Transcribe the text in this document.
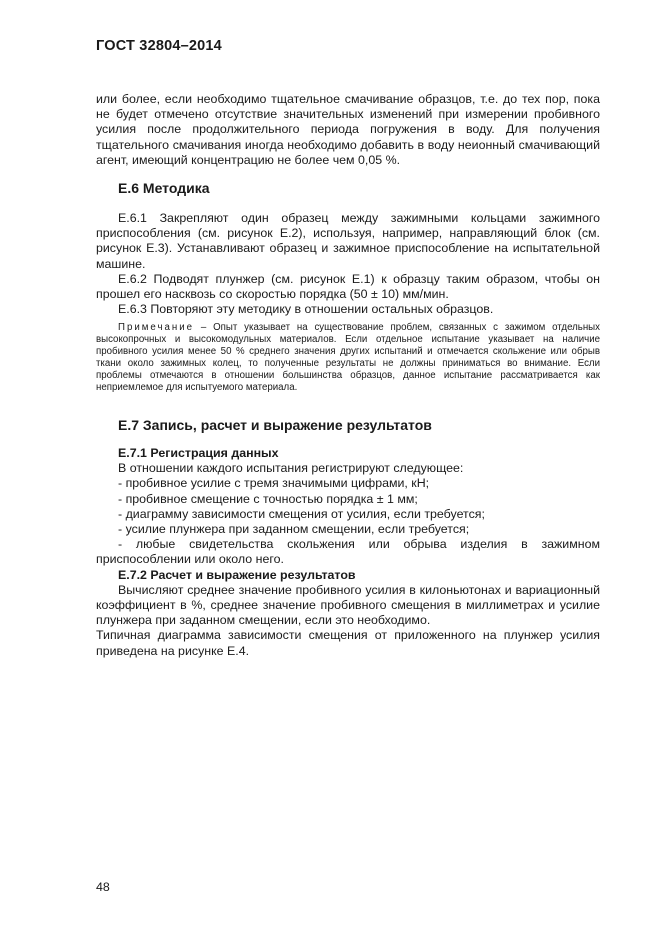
ГОСТ 32804–2014

или более, если необходимо тщательное смачивание образцов, т.е. до тех пор, пока не будет отмечено отсутствие значительных изменений при измерении пробивного усилия после продолжительного периода погружения в воду. Для получения тщательного смачивания иногда необходимо добавить в воду неионный смачивающий агент, имеющий концентрацию не более чем 0,05 %.

Е.6 Методика

Е.6.1 Закрепляют один образец между зажимными кольцами зажимного приспособления (см. рисунок Е.2), используя, например, направляющий блок (см. рисунок Е.3). Устанавливают образец и зажимное приспособление на испытательной машине.

Е.6.2 Подводят плунжер (см. рисунок Е.1) к образцу таким образом, чтобы он прошел его насквозь со скоростью порядка (50 ± 10) мм/мин.

Е.6.3 Повторяют эту методику в отношении остальных образцов.

Примечание – Опыт указывает на существование проблем, связанных с зажимом отдельных высокопрочных и высокомодульных материалов. Если отдельное испытание указывает на наличие пробивного усилия менее 50 % среднего значения других испытаний и отмечается скольжение или обрыв ткани около зажимных колец, то полученные результаты не должны приниматься во внимание. Если проблемы отмечаются в отношении большинства образцов, данное испытание рассматривается как неприемлемое для испытуемого материала.

Е.7 Запись, расчет и выражение результатов

Е.7.1 Регистрация данных

В отношении каждого испытания регистрируют следующее:

- пробивное усилие с тремя значимыми цифрами, кН;
- пробивное смещение с точностью порядка ± 1 мм;
- диаграмму зависимости смещения от усилия, если требуется;
- усилие плунжера при заданном смещении, если требуется;
- любые свидетельства скольжения или обрыва изделия в зажимном приспособлении или около него.

Е.7.2 Расчет и выражение результатов

Вычисляют среднее значение пробивного усилия в килоньютонах и вариационный коэффициент в %, среднее значение пробивного смещения в миллиметрах и усилие плунжера при заданном смещении, если это необходимо.

Типичная диаграмма зависимости смещения от приложенного на плунжер усилия приведена на рисунке Е.4.

48
